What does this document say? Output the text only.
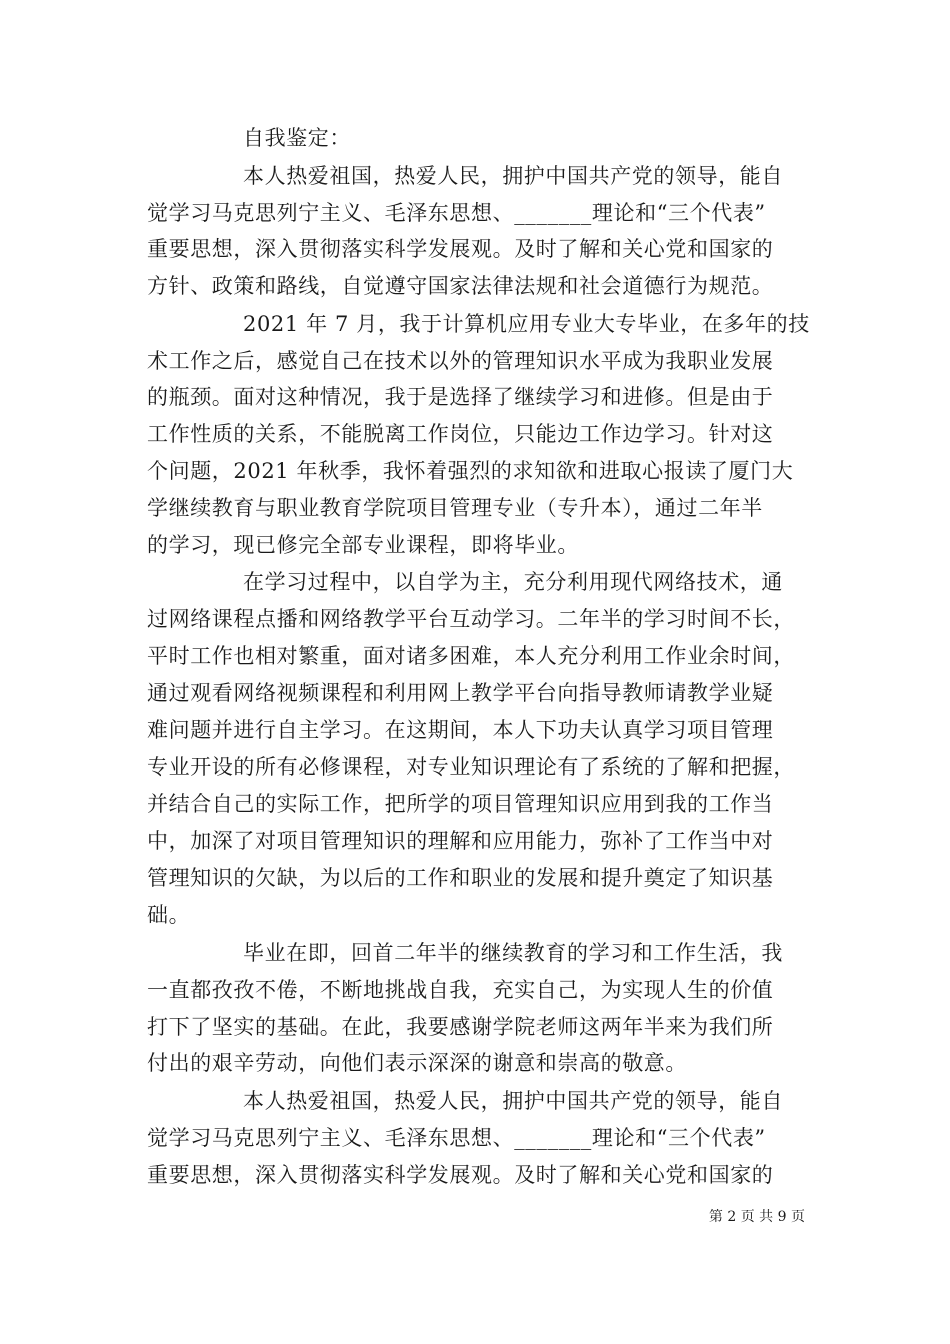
自我鉴定：
本人热爱祖国，热爱人民，拥护中国共产党的领导，能自
觉学习马克思列宁主义、毛泽东思想、_______理论和“三个代表”
重要思想，深入贯彻落实科学发展观。及时了解和关心党和国家的
方针、政策和路线，自觉遵守国家法律法规和社会道德行为规范。
2021 年 7 月，我于计算机应用专业大专毕业，在多年的技
术工作之后，感觉自己在技术以外的管理知识水平成为我职业发展
的瓶颈。面对这种情况，我于是选择了继续学习和进修。但是由于
工作性质的关系，不能脱离工作岗位，只能边工作边学习。针对这
个问题，2021 年秋季，我怀着强烈的求知欲和进取心报读了厦门大
学继续教育与职业教育学院项目管理专业（专升本），通过二年半
的学习，现已修完全部专业课程，即将毕业。
在学习过程中，以自学为主，充分利用现代网络技术，通
过网络课程点播和网络教学平台互动学习。二年半的学习时间不长，
平时工作也相对繁重，面对诸多困难，本人充分利用工作业余时间，
通过观看网络视频课程和利用网上教学平台向指导教师请教学业疑
难问题并进行自主学习。在这期间，本人下功夫认真学习项目管理
专业开设的所有必修课程，对专业知识理论有了系统的了解和把握，
并结合自己的实际工作，把所学的项目管理知识应用到我的工作当
中，加深了对项目管理知识的理解和应用能力，弥补了工作当中对
管理知识的欠缺，为以后的工作和职业的发展和提升奠定了知识基
础。
毕业在即，回首二年半的继续教育的学习和工作生活，我
一直都孜孜不倦，不断地挑战自我，充实自己，为实现人生的价值
打下了坚实的基础。在此，我要感谢学院老师这两年半来为我们所
付出的艰辛劳动，向他们表示深深的谢意和崇高的敬意。
本人热爱祖国，热爱人民，拥护中国共产党的领导，能自
觉学习马克思列宁主义、毛泽东思想、_______理论和“三个代表”
重要思想，深入贯彻落实科学发展观。及时了解和关心党和国家的
第 2 页 共 9 页
